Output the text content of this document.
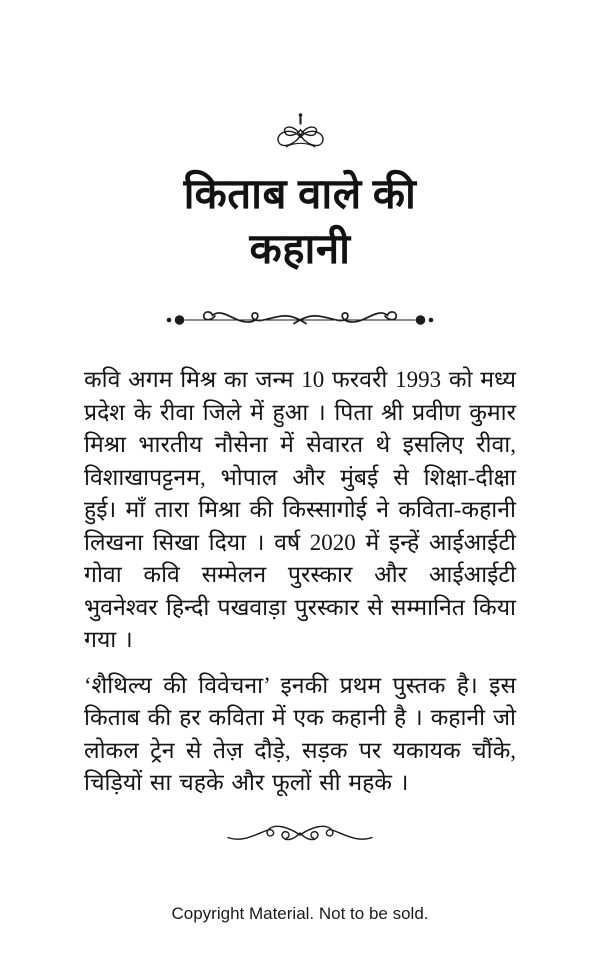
किताब वाले की
कहानी

कवि अगम मिश्र का जन्म 10 फरवरी 1993 को मध्य प्रदेश के रीवा जिले में हुआ । पिता श्री प्रवीण कुमार मिश्रा भारतीय नौसेना में सेवारत थे इसलिए रीवा, विशाखापट्टनम, भोपाल और मुंबई से शिक्षा-दीक्षा हुई। माँ तारा मिश्रा की किस्सागोई ने कविता-कहानी लिखना सिखा दिया । वर्ष 2020 में इन्हें आईआईटी गोवा कवि सम्मेलन पुरस्कार और आईआईटी भुवनेश्वर हिन्दी पखवाड़ा पुरस्कार से सम्मानित किया गया ।

‘शैथिल्य की विवेचना’ इनकी प्रथम पुस्तक है। इस किताब की हर कविता में एक कहानी है । कहानी जो लोकल ट्रेन से तेज़ दौड़े, सड़क पर यकायक चौंके, चिड़ियों सा चहके और फूलों सी महके ।

Copyright Material. Not to be sold.
